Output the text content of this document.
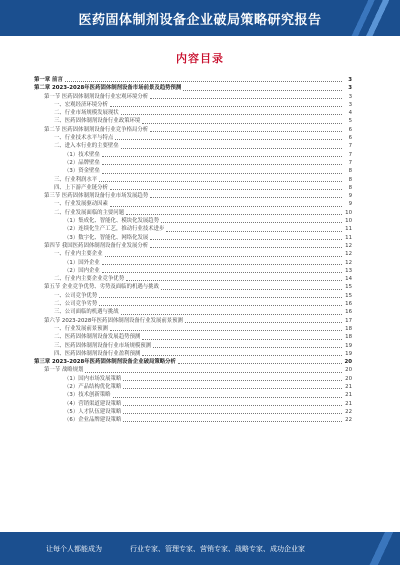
医药固体制剂设备企业破局策略研究报告
内容目录
第一章 前言	3
第二章 2023-2028年医药固体制剂设备市场前景及趋势预测	3
第一节 医药固体制剂设备行业宏观环境分析	3
一、宏观经济环境分析	3
二、行业市场规模发展现状	4
三、医药固体制剂设备行业政策环境	5
第二节 医药固体制剂设备行业竞争格局分析	6
一、行业技术水平与特点	6
二、进入本行业的主要壁垒	7
（1）技术壁垒	7
（2）品牌壁垒	7
（3）资金壁垒	8
三、行业利润水平	8
四、上下游产业链分析	8
第三节 医药固体制剂设备行业市场发展趋势	9
一、行业发展驱动因素	9
二、行业发展面临的主要问题	10
（1）集成化、智能化、模块化发展趋势	10
（2）连续化生产工艺，推动行业技术进步	11
（3）数字化、智能化、网络化发展	11
第四节 我国医药固体制剂设备行业发展分析	12
一、行业内主要企业	12
（1）国外企业	12
（2）国内企业	13
二、行业内主要企业竞争优势	14
第五节 企业竞争优势、劣势及面临的机遇与挑战	15
一、公司竞争优势	15
二、公司竞争劣势	16
三、公司面临的机遇与挑战	16
第六节 2023-2028年医药固体制剂设备行业发展前景预测	17
一、行业发展前景预测	18
二、医药固体制剂设备发展趋势预测	18
三、医药固体制剂设备行业市场规模预测	19
四、医药固体制剂设备行业盈利预测	19
第三章 2023-2028年医药固体制剂设备企业破局策略分析	20
第一节 战略规划	20
（1）国内市场发展策略	20
（2）产品结构优化策略	21
（3）技术创新策略	21
（4）营销渠道建设策略	21
（5）人才队伍建设策略	22
（6）企业品牌建设策略	22
让每个人都能成为	行业专家、管理专家、营销专家、战略专家、成功企业家
